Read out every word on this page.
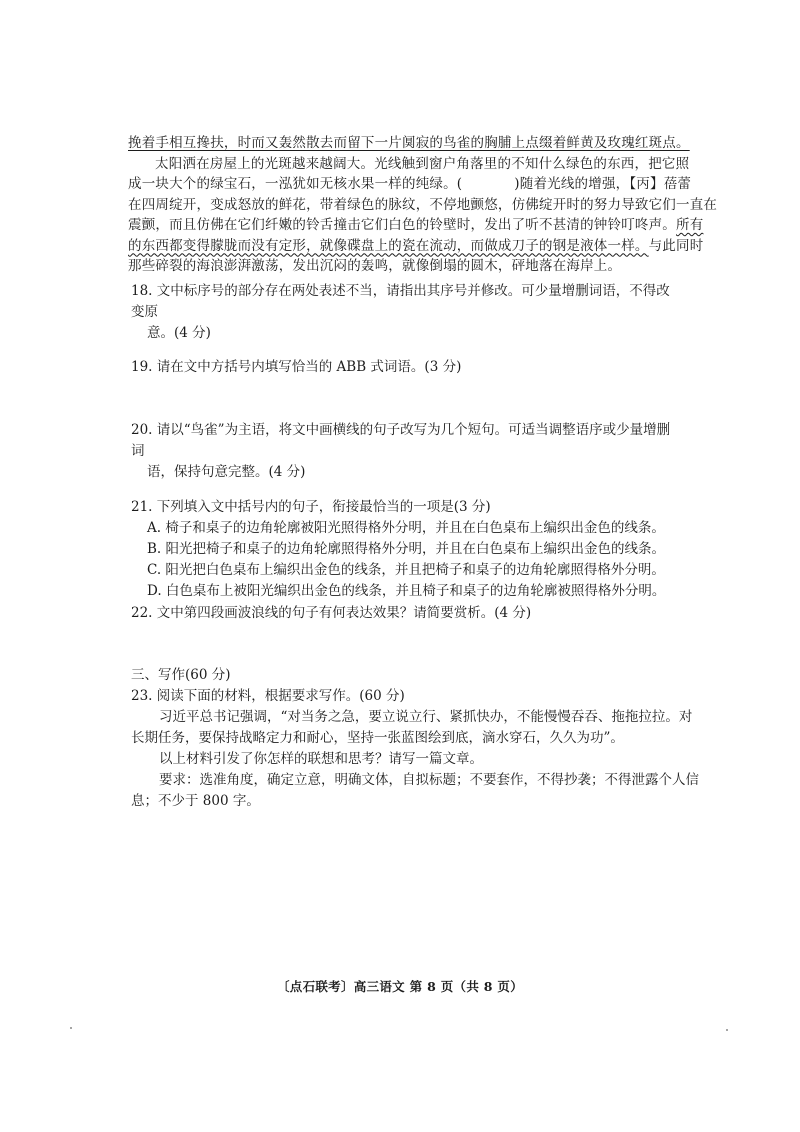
挽着手相互搀扶，时而又轰然散去而留下一片阒寂的鸟雀的胸脯上点缀着鲜黄及玫瑰红斑点。

太阳洒在房屋上的光斑越来越阔大。光线触到窗户角落里的不知什么绿色的东西，把它照

成一块大个的绿宝石，一泓犹如无核水果一样的纯绿。(	)随着光线的增强，【丙】蓓蕾

在四周绽开，变成怒放的鲜花，带着绿色的脉纹，不停地颤悠，仿佛绽开时的努力导致它们一直在

震颤，而且仿佛在它们纤嫩的铃舌撞击它们白色的铃壁时，发出了听不甚清的钟铃叮咚声。所有

的东西都变得朦胧而没有定形，就像碟盘上的瓷在流动，而做成刀子的钢是液体一样。与此同时

那些碎裂的海浪澎湃激荡，发出沉闷的轰鸣，就像倒塌的圆木，砰地落在海岸上。

18. 文中标序号的部分存在两处表述不当，请指出其序号并修改。可少量增删词语，不得改变原

意。(4 分)

19. 请在文中方括号内填写恰当的 ABB 式词语。(3 分)

20. 请以“鸟雀”为主语，将文中画横线的句子改写为几个短句。可适当调整语序或少量增删词

语，保持句意完整。(4 分)

21. 下列填入文中括号内的句子，衔接最恰当的一项是(3 分)

A. 椅子和桌子的边角轮廓被阳光照得格外分明，并且在白色桌布上编织出金色的线条。

B. 阳光把椅子和桌子的边角轮廓照得格外分明，并且在白色桌布上编织出金色的线条。

C. 阳光把白色桌布上编织出金色的线条，并且把椅子和桌子的边角轮廓照得格外分明。

D. 白色桌布上被阳光编织出金色的线条，并且椅子和桌子的边角轮廓被照得格外分明。

22. 文中第四段画波浪线的句子有何表达效果？请简要赏析。(4 分)

三、写作(60 分)

23. 阅读下面的材料，根据要求写作。(60 分)

习近平总书记强调，“对当务之急，要立说立行、紧抓快办，不能慢慢吞吞、拖拖拉拉。对

长期任务，要保持战略定力和耐心，坚持一张蓝图绘到底，滴水穿石，久久为功”。

以上材料引发了你怎样的联想和思考？请写一篇文章。

要求：选准角度，确定立意，明确文体，自拟标题；不要套作，不得抄袭；不得泄露个人信

息；不少于 800 字。

〔点石联考〕高三语文 第 8 页（共 8 页）
